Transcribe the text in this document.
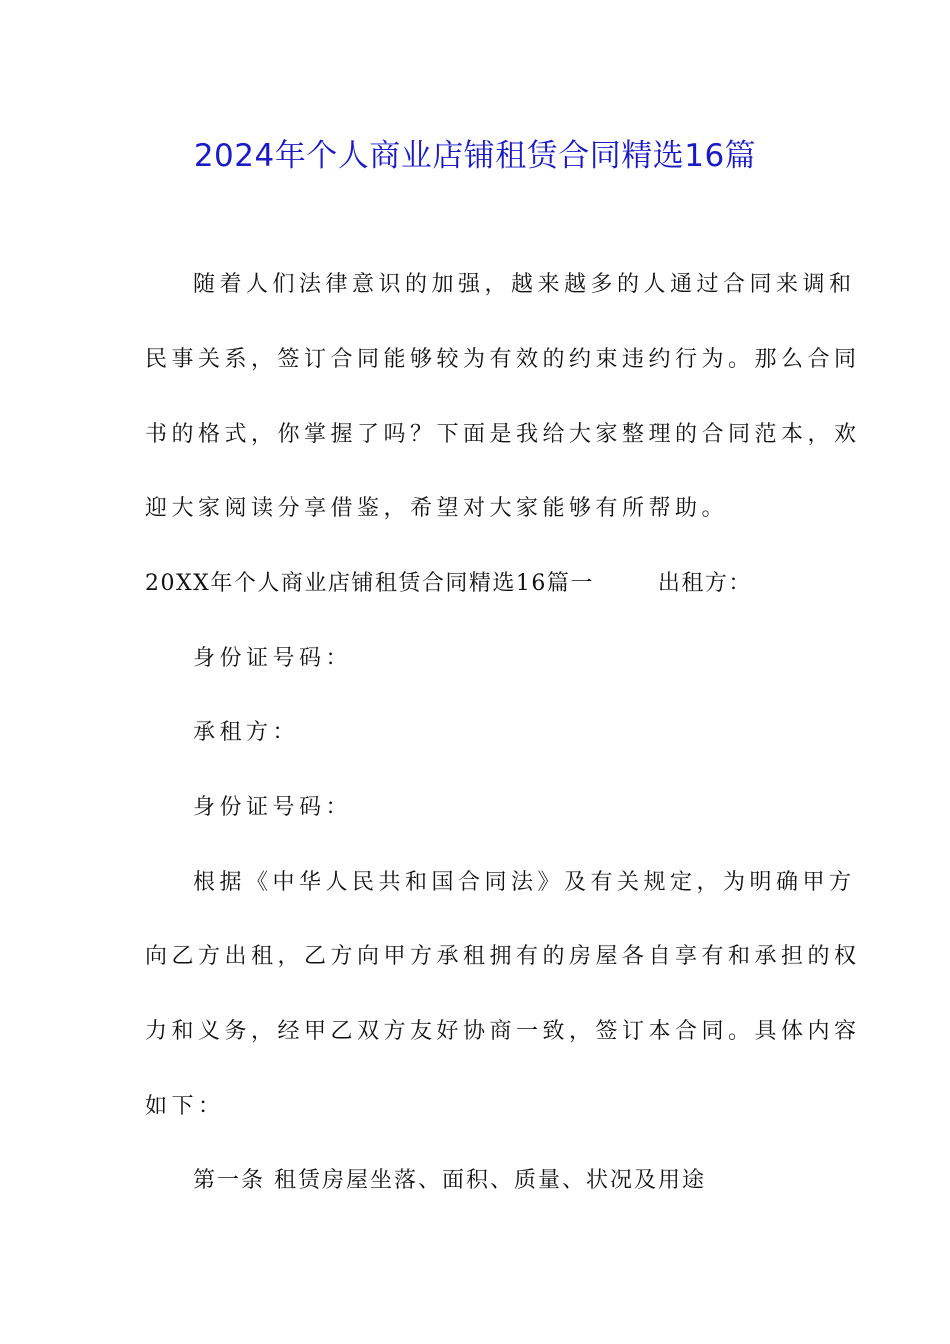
2024年个人商业店铺租赁合同精选16篇
随着人们法律意识的加强，越来越多的人通过合同来调和
民事关系，签订合同能够较为有效的约束违约行为。那么合同
书的格式，你掌握了吗？下面是我给大家整理的合同范本，欢
迎大家阅读分享借鉴，希望对大家能够有所帮助。
20XX年个人商业店铺租赁合同精选16篇一	出租方：
身份证号码：
承租方：
身份证号码：
根据《中华人民共和国合同法》及有关规定，为明确甲方
向乙方出租，乙方向甲方承租拥有的房屋各自享有和承担的权
力和义务，经甲乙双方友好协商一致，签订本合同。具体内容
如下：
第一条 租赁房屋坐落、面积、质量、状况及用途
